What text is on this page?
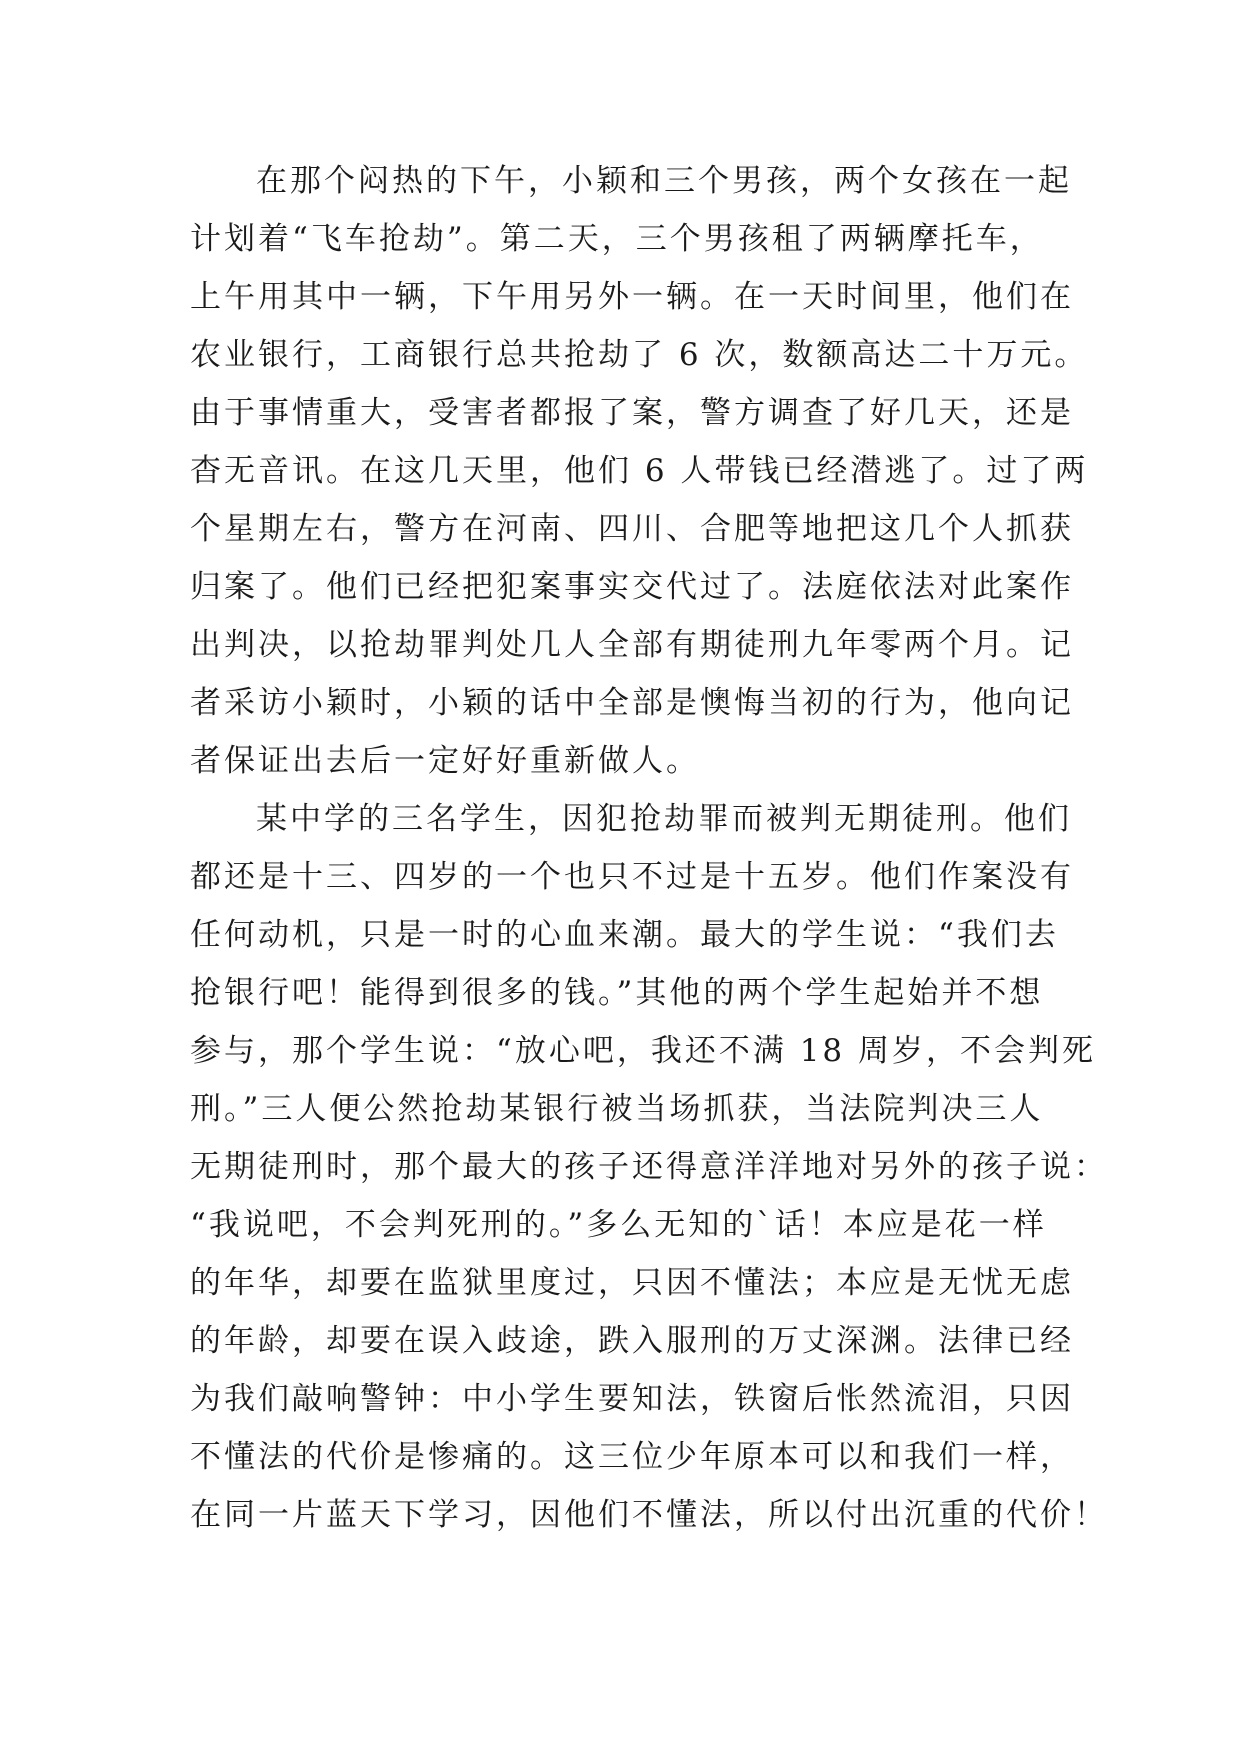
在那个闷热的下午，小颖和三个男孩，两个女孩在一起
计划着“飞车抢劫”。第二天，三个男孩租了两辆摩托车，
上午用其中一辆，下午用另外一辆。在一天时间里，他们在
农业银行，工商银行总共抢劫了 6 次，数额高达二十万元。
由于事情重大，受害者都报了案，警方调查了好几天，还是
杳无音讯。在这几天里，他们 6 人带钱已经潜逃了。过了两
个星期左右，警方在河南、四川、合肥等地把这几个人抓获
归案了。他们已经把犯案事实交代过了。法庭依法对此案作
出判决，以抢劫罪判处几人全部有期徒刑九年零两个月。记
者采访小颖时，小颖的话中全部是懊悔当初的行为，他向记
者保证出去后一定好好重新做人。
某中学的三名学生，因犯抢劫罪而被判无期徒刑。他们
都还是十三、四岁的一个也只不过是十五岁。他们作案没有
任何动机，只是一时的心血来潮。最大的学生说：“我们去
抢银行吧！能得到很多的钱。”其他的两个学生起始并不想
参与，那个学生说：“放心吧，我还不满 18 周岁，不会判死
刑。”三人便公然抢劫某银行被当场抓获，当法院判决三人
无期徒刑时，那个最大的孩子还得意洋洋地对另外的孩子说：
“我说吧，不会判死刑的。”多么无知的`话！本应是花一样
的年华，却要在监狱里度过，只因不懂法；本应是无忧无虑
的年龄，却要在误入歧途，跌入服刑的万丈深渊。法律已经
为我们敲响警钟：中小学生要知法，铁窗后怅然流泪，只因
不懂法的代价是惨痛的。这三位少年原本可以和我们一样，
在同一片蓝天下学习，因他们不懂法，所以付出沉重的代价！
